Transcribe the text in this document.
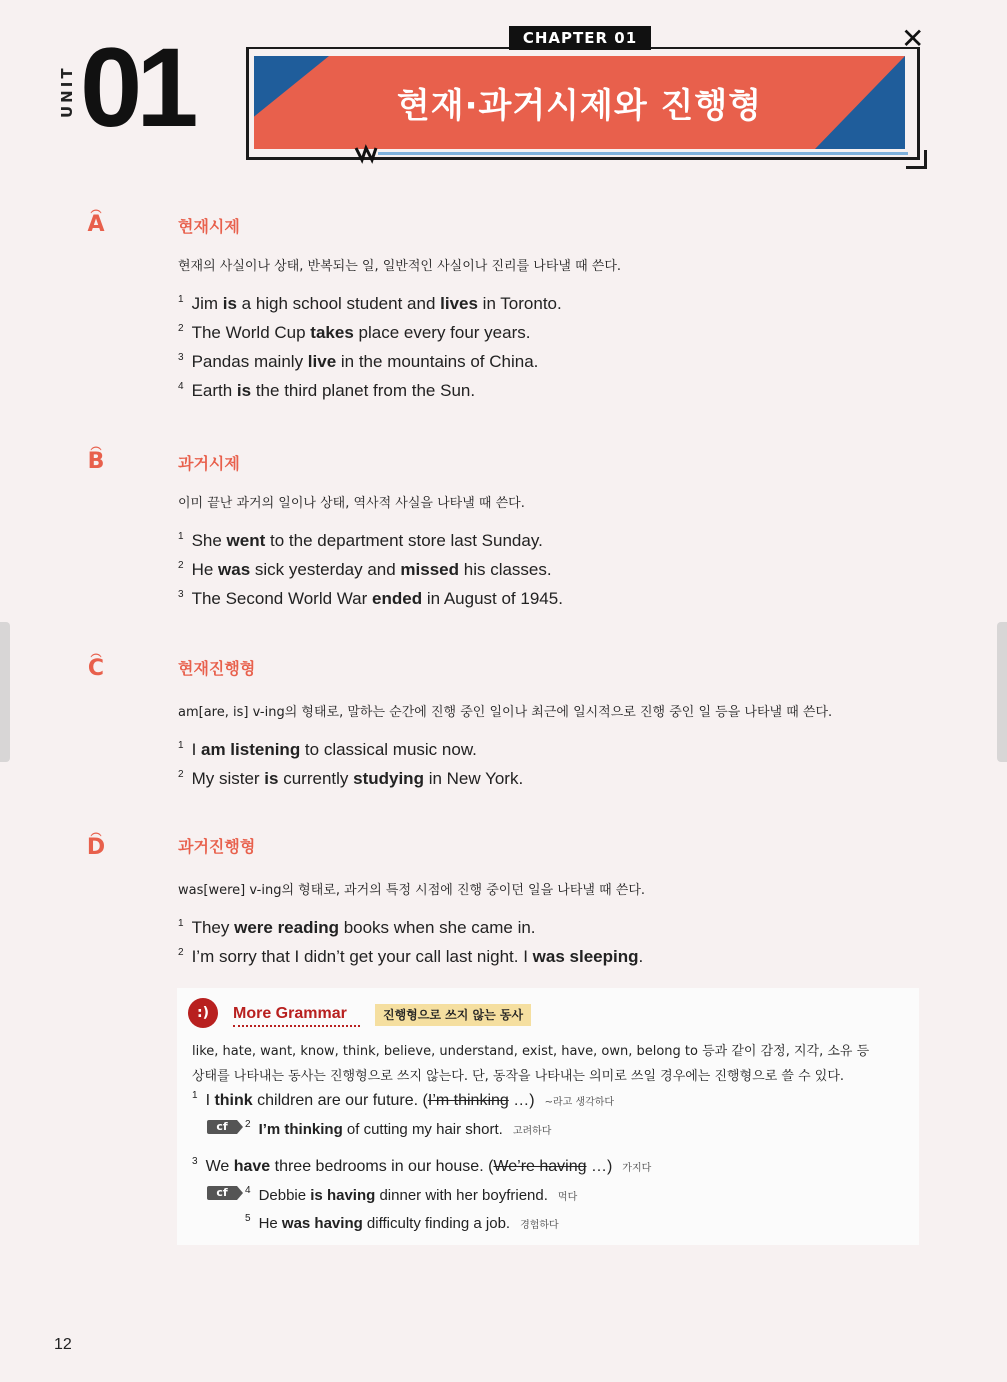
UNIT 01	현재·과거시제와 진행형
CHAPTER 01	✕
︵
A	현재시제
현재의 사실이나 상태, 반복되는 일, 일반적인 사실이나 진리를 나타낼 때 쓴다.
$^1$ Jim is a high school student and lives in Toronto.
$^2$ The World Cup takes place every four years.
$^3$ Pandas mainly live in the mountains of China.
$^4$ Earth is the third planet from the Sun.
︵
B	과거시제
이미 끝난 과거의 일이나 상태, 역사적 사실을 나타낼 때 쓴다.
$^1$ She went to the department store last Sunday.
$^2$ He was sick yesterday and missed his classes.
$^3$ The Second World War ended in August of 1945.
︵
C	현재진행형
am[are, is] v-ing의 형태로, 말하는 순간에 진행 중인 일이나 최근에 일시적으로 진행 중인 일 등을 나타낼 때 쓴다.
$^1$ I am listening to classical music now.
$^2$ My sister is currently studying in New York.
︵
D	과거진행형
was[were] v-ing의 형태로, 과거의 특정 시점에 진행 중이던 일을 나타낼 때 쓴다.
$^1$ They were reading books when she came in.
$^2$ I’m sorry that I didn’t get your call last night. I was sleeping.
:)	More Grammar	진행형으로 쓰지 않는 동사
like, hate, want, know, think, believe, understand, exist, have, own, belong to 등과 같이 감정, 지각, 소유 등
상태를 나타내는 동사는 진행형으로 쓰지 않는다. 단, 동작을 나타내는 의미로 쓰일 경우에는 진행형으로 쓸 수 있다.
$^1$ I think children are our future. (I’m thinking …) ~라고 생각하다
cf	$^2$ I’m thinking of cutting my hair short. 고려하다
$^3$ We have three bedrooms in our house. (We’re having …) 가지다
cf	$^4$ Debbie is having dinner with her boyfriend. 먹다
$^5$ He was having difficulty finding a job. 경험하다
12
